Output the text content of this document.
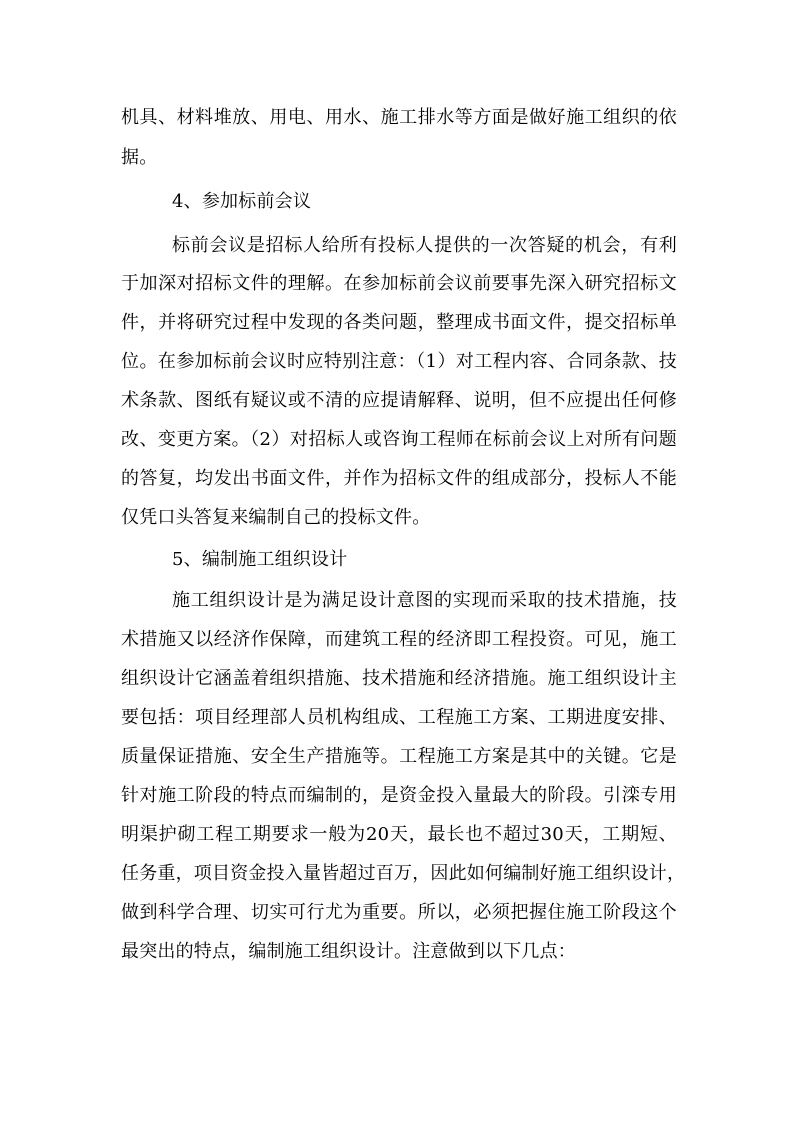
机具、材料堆放、用电、用水、施工排水等方面是做好施工组织的依
据。
4、参加标前会议
标前会议是招标人给所有投标人提供的一次答疑的机会，有利
于加深对招标文件的理解。在参加标前会议前要事先深入研究招标文
件，并将研究过程中发现的各类问题，整理成书面文件，提交招标单
位。在参加标前会议时应特别注意：（1）对工程内容、合同条款、技
术条款、图纸有疑议或不清的应提请解释、说明，但不应提出任何修
改、变更方案。（2）对招标人或咨询工程师在标前会议上对所有问题
的答复，均发出书面文件，并作为招标文件的组成部分，投标人不能
仅凭口头答复来编制自己的投标文件。
5、编制施工组织设计
施工组织设计是为满足设计意图的实现而采取的技术措施，技
术措施又以经济作保障，而建筑工程的经济即工程投资。可见，施工
组织设计它涵盖着组织措施、技术措施和经济措施。施工组织设计主
要包括：项目经理部人员机构组成、工程施工方案、工期进度安排、
质量保证措施、安全生产措施等。工程施工方案是其中的关键。它是
针对施工阶段的特点而编制的，是资金投入量最大的阶段。引滦专用
明渠护砌工程工期要求一般为20天，最长也不超过30天，工期短、
任务重，项目资金投入量皆超过百万，因此如何编制好施工组织设计，
做到科学合理、切实可行尤为重要。所以，必须把握住施工阶段这个
最突出的特点，编制施工组织设计。注意做到以下几点：
